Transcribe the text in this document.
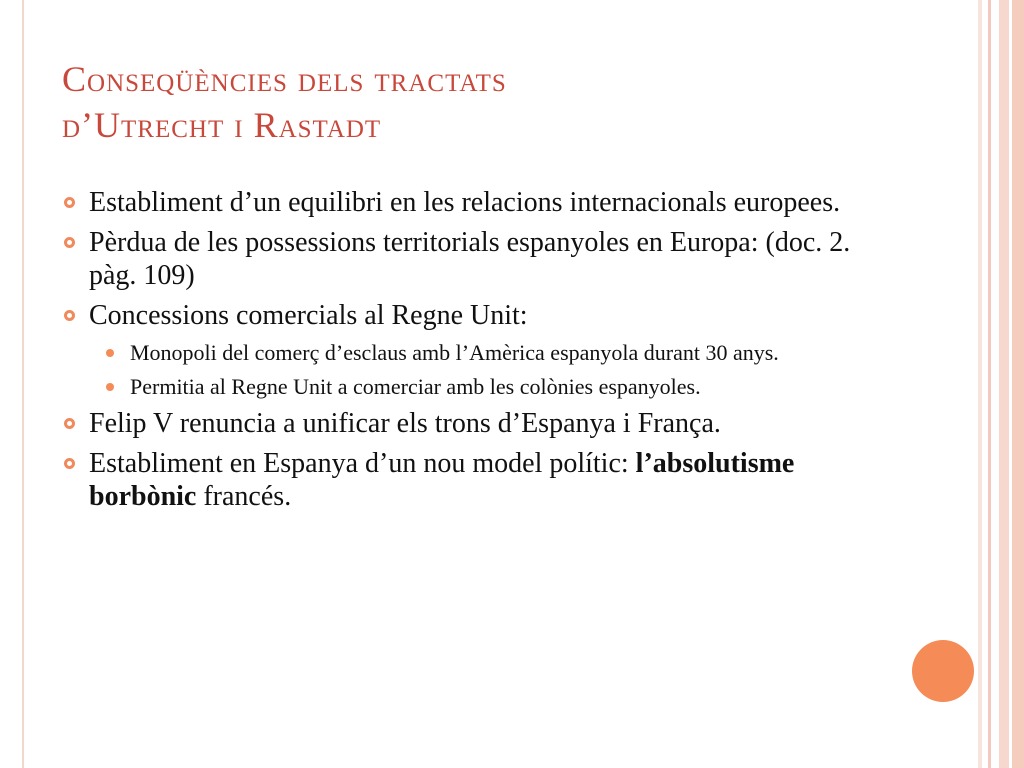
Conseqüències dels tractats
d’Utrecht i Rastadt
Establiment d’un equilibri en les relacions internacionals europees.
Pèrdua de les possessions territorials espanyoles en Europa: (doc. 2. pàg. 109)
Concessions comercials al Regne Unit:
Monopoli del comerç d’esclaus amb l’Amèrica espanyola durant 30 anys.
Permitia al Regne Unit a comerciar amb les colònies espanyoles.
Felip V renuncia a unificar els trons d’Espanya i França.
Establiment en Espanya d’un nou model polític: l’absolutisme borbònic francés.
